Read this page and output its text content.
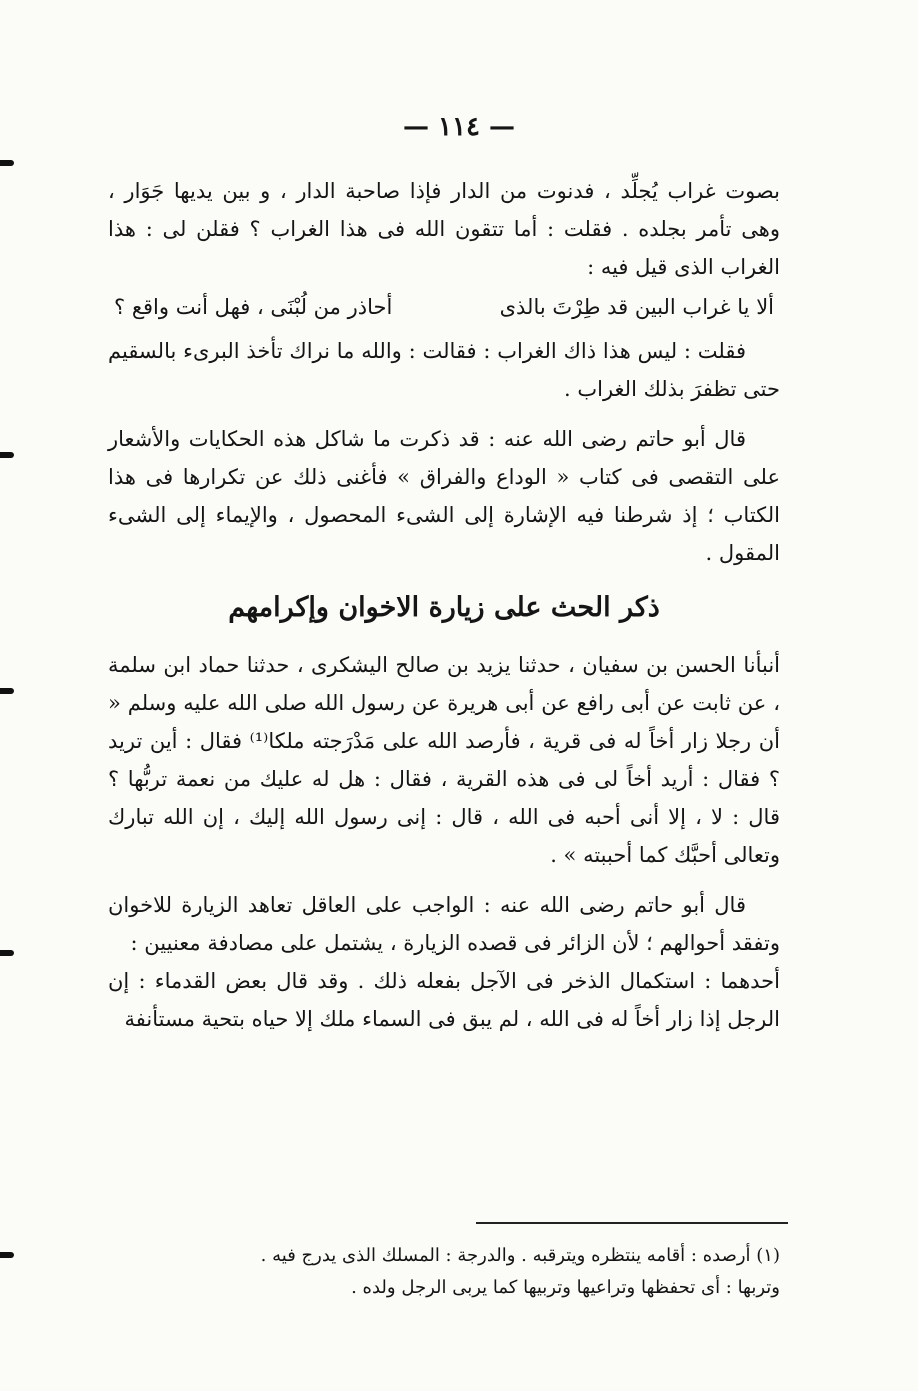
— ١١٤ —

بصوت غراب يُجلِّد ، فدنوت من الدار فإذا صاحبة الدار ، و بين يديها جَوَار ، وهى تأمر بجلده . فقلت : أما تتقون الله فى هذا الغراب ؟ فقلن لى : هذا الغراب الذى قيل فيه :

ألا يا غراب البين قد طِرْتَ بالذى
أحاذر من لُبْنَى ، فهل أنت واقع ؟

فقلت : ليس هذا ذاك الغراب : فقالت : والله ما نراك تأخذ البرىء بالسقيم حتى تظفرَ بذلك الغراب .

قال أبو حاتم رضى الله عنه : قد ذكرت ما شاكل هذه الحكايات والأشعار على التقصى فى كتاب « الوداع والفراق » فأغنى ذلك عن تكرارها فى هذا الكتاب ؛ إذ شرطنا فيه الإشارة إلى الشىء المحصول ، والإيماء إلى الشىء المقول .

ذكر الحث على زيارة الاخوان وإكرامهم

أنبأنا الحسن بن سفيان ، حدثنا يزيد بن صالح اليشكرى ، حدثنا حماد ابن سلمة ، عن ثابت عن أبى رافع عن أبى هريرة عن رسول الله صلى الله عليه وسلم « أن رجلا زار أخاً له فى قرية ، فأرصد الله على مَدْرَجته ملكا⁽¹⁾ فقال : أين تريد ؟ فقال : أريد أخاً لى فى هذه القرية ، فقال : هل له عليك من نعمة تربُّها ؟ قال : لا ، إلا أنى أحبه فى الله ، قال : إنى رسول الله إليك ، إن الله تبارك وتعالى أحبَّك كما أحببته » .

قال أبو حاتم رضى الله عنه : الواجب على العاقل تعاهد الزيارة للاخوان وتفقد أحوالهم ؛ لأن الزائر فى قصده الزيارة ، يشتمل على مصادفة معنيين :

أحدهما : استكمال الذخر فى الآجل بفعله ذلك . وقد قال بعض القدماء : إن الرجل إذا زار أخاً له فى الله ، لم يبق فى السماء ملك إلا حياه بتحية مستأنفة

(١) أرصده : أقامه ينتظره ويترقبه . والدرجة : المسلك الذى يدرج فيه .

وتربها : أى تحفظها وتراعيها وتربيها كما يربى الرجل ولده .
